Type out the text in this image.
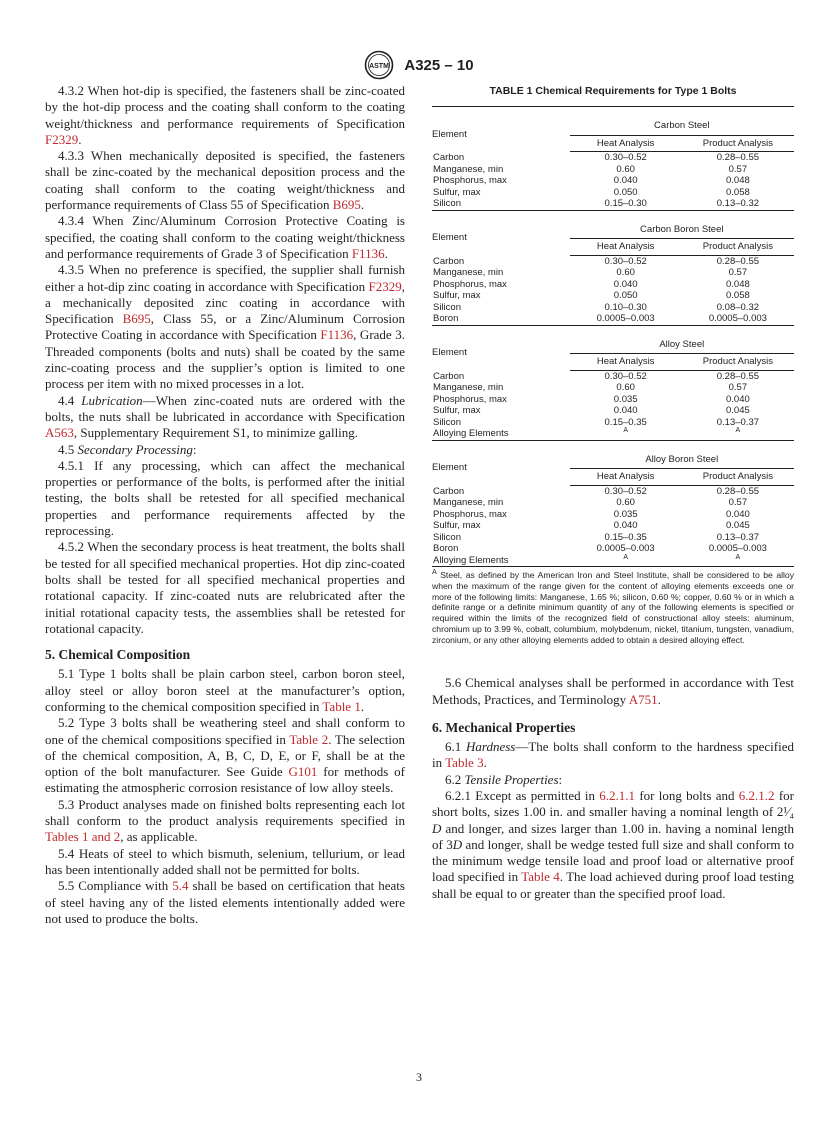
ASTM A325 – 10

4.3.2 When hot-dip is specified, the fasteners shall be zinc-coated by the hot-dip process and the coating shall conform to the coating weight/thickness and performance requirements of Specification F2329.

4.3.3 When mechanically deposited is specified, the fasteners shall be zinc-coated by the mechanical deposition process and the coating shall conform to the coating weight/thickness and performance requirements of Class 55 of Specification B695.

4.3.4 When Zinc/Aluminum Corrosion Protective Coating is specified, the coating shall conform to the coating weight/thickness and performance requirements of Grade 3 of Specification F1136.

4.3.5 When no preference is specified, the supplier shall furnish either a hot-dip zinc coating in accordance with Specification F2329, a mechanically deposited zinc coating in accordance with Specification B695, Class 55, or a Zinc/Aluminum Corrosion Protective Coating in accordance with Specification F1136, Grade 3. Threaded components (bolts and nuts) shall be coated by the same zinc-coating process and the supplier’s option is limited to one process per item with no mixed processes in a lot.

4.4 Lubrication—When zinc-coated nuts are ordered with the bolts, the nuts shall be lubricated in accordance with Specification A563, Supplementary Requirement S1, to minimize galling.

4.5 Secondary Processing:

4.5.1 If any processing, which can affect the mechanical properties or performance of the bolts, is performed after the initial testing, the bolts shall be retested for all specified mechanical properties and performance requirements affected by the reprocessing.

4.5.2 When the secondary process is heat treatment, the bolts shall be tested for all specified mechanical properties. Hot dip zinc-coated bolts shall be tested for all specified mechanical properties and rotational capacity. If zinc-coated nuts are relubricated after the initial rotational capacity tests, the assemblies shall be retested for rotational capacity.

5. Chemical Composition

5.1 Type 1 bolts shall be plain carbon steel, carbon boron steel, alloy steel or alloy boron steel at the manufacturer’s option, conforming to the chemical composition specified in Table 1.

5.2 Type 3 bolts shall be weathering steel and shall conform to one of the chemical compositions specified in Table 2. The selection of the chemical composition, A, B, C, D, E, or F, shall be at the option of the bolt manufacturer. See Guide G101 for methods of estimating the atmospheric corrosion resistance of low alloy steels.

5.3 Product analyses made on finished bolts representing each lot shall conform to the product analysis requirements specified in Tables 1 and 2, as applicable.

5.4 Heats of steel to which bismuth, selenium, tellurium, or lead has been intentionally added shall not be permitted for bolts.

5.5 Compliance with 5.4 shall be based on certification that heats of steel having any of the listed elements intentionally added were not used to produce the bolts.

TABLE 1 Chemical Requirements for Type 1 Bolts

Element	Carbon Steel	
	Heat Analysis	Product Analysis
Carbon	0.30–0.52	0.28–0.55
Manganese, min	0.60	0.57
Phosphorus, max	0.040	0.048
Sulfur, max	0.050	0.058
Silicon	0.15–0.30	0.13–0.32

Element	Carbon Boron Steel	
	Heat Analysis	Product Analysis
Carbon	0.30–0.52	0.28–0.55
Manganese, min	0.60	0.57
Phosphorus, max	0.040	0.048
Sulfur, max	0.050	0.058
Silicon	0.10–0.30	0.08–0.32
Boron	0.0005–0.003	0.0005–0.003

Element	Alloy Steel	
	Heat Analysis	Product Analysis
Carbon	0.30–0.52	0.28–0.55
Manganese, min	0.60	0.57
Phosphorus, max	0.035	0.040
Sulfur, max	0.040	0.045
Silicon	0.15–0.35	0.13–0.37
Alloying Elements	$^A$	$^A$

Element	Alloy Boron Steel	
	Heat Analysis	Product Analysis
Carbon	0.30–0.52	0.28–0.55
Manganese, min	0.60	0.57
Phosphorus, max	0.035	0.040
Sulfur, max	0.040	0.045
Silicon	0.15–0.35	0.13–0.37
Boron	0.0005–0.003	0.0005–0.003
Alloying Elements	$^A$	$^A$
$^A$ Steel, as defined by the American Iron and Steel Institute, shall be considered to be alloy when the maximum of the range given for the content of alloying elements exceeds one or more of the following limits: Manganese, 1.65 %; silicon, 0.60 %; copper, 0.60 % or in which a definite range or a definite minimum quantity of any of the following elements is specified or required within the limits of the recognized field of constructional alloy steels: aluminum, chromium up to 3.99 %, cobalt, columbium, molybdenum, nickel, titanium, tungsten, vanadium, zirconium, or any other alloying elements added to obtain a desired alloying effect.

5.6 Chemical analyses shall be performed in accordance with Test Methods, Practices, and Terminology A751.

6. Mechanical Properties

6.1 Hardness—The bolts shall conform to the hardness specified in Table 3.

6.2 Tensile Properties:

6.2.1 Except as permitted in 6.2.1.1 for long bolts and 6.2.1.2 for short bolts, sizes 1.00 in. and smaller having a nominal length of 2¹⁄₄ D and longer, and sizes larger than 1.00 in. having a nominal length of 3D and longer, shall be wedge tested full size and shall conform to the minimum wedge tensile load and proof load or alternative proof load specified in Table 4. The load achieved during proof load testing shall be equal to or greater than the specified proof load.

3
